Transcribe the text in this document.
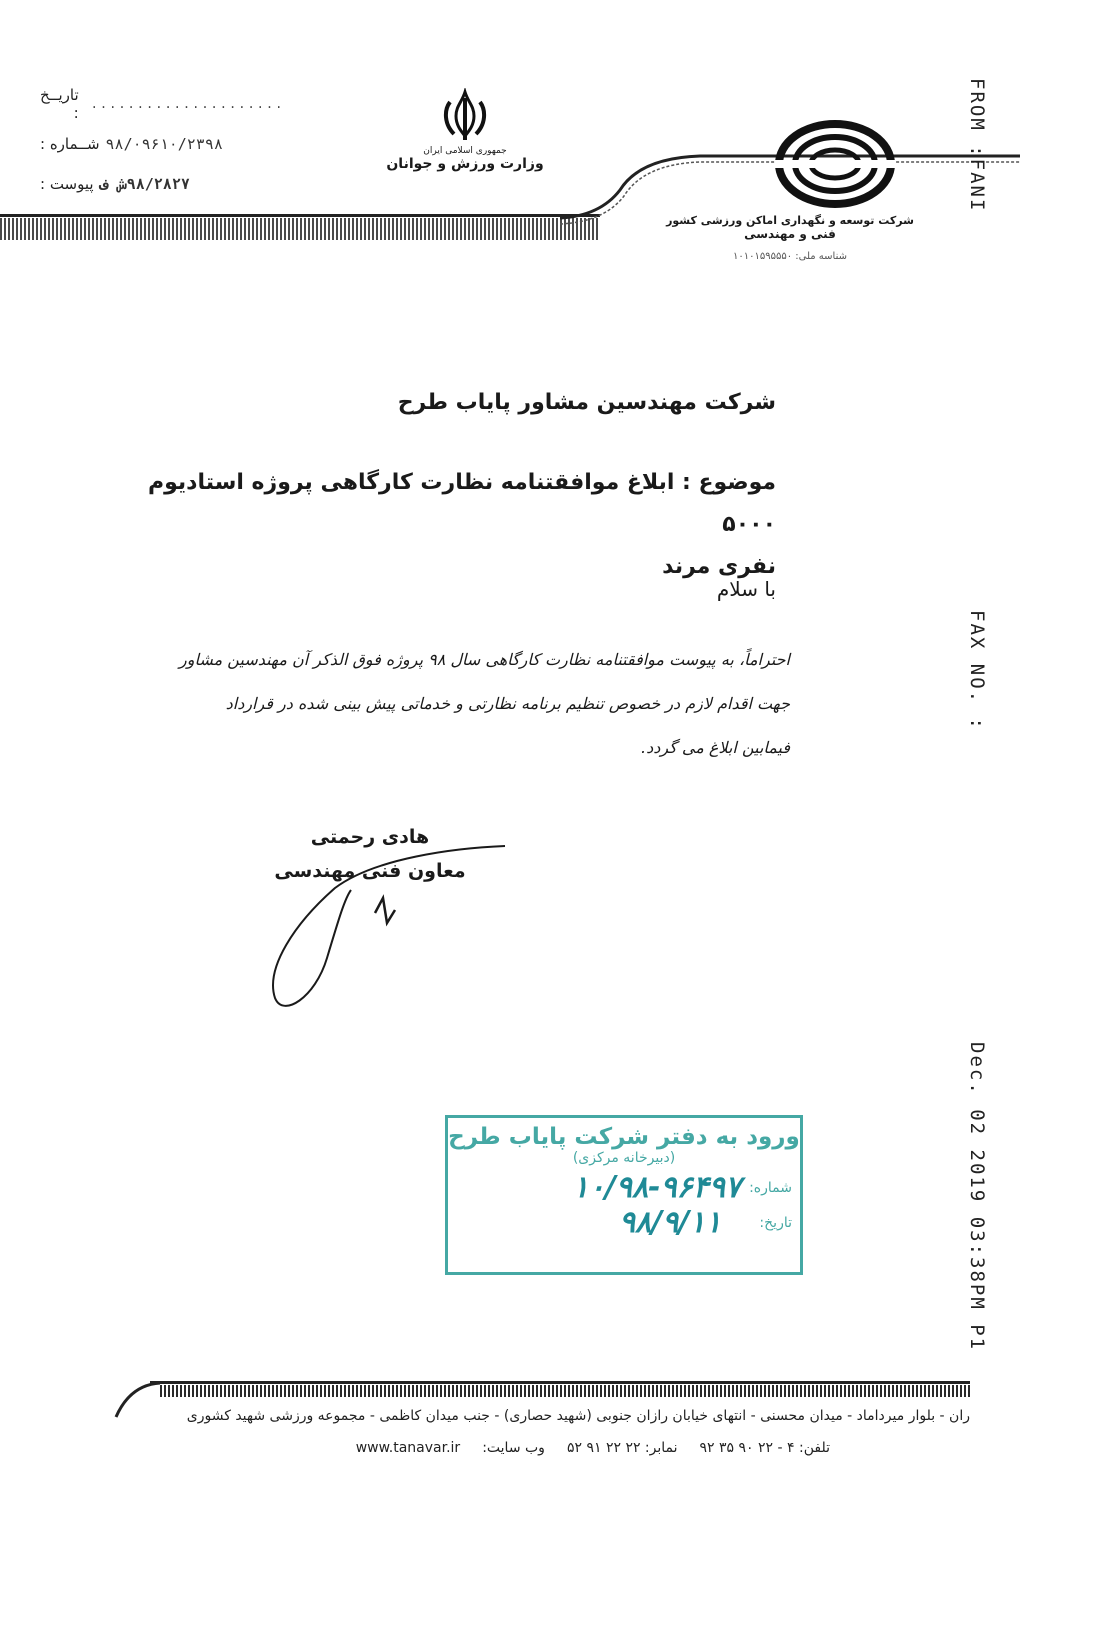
تاریــخ : .....................
شــماره : ۹۸/۰۹۶۱۰/۲۳۹۸
پیوست : ۹۸/۲۸۲۷ش ف
جمهوری اسلامی ایران
وزارت ورزش و جوانان
شرکت توسعه و نگهداری اماکن ورزشی کشور
فنی و مهندسی
شناسه ملی: ۱۰۱۰۱۵۹۵۵۵۰
FROM :FANI
FAX NO. :
Dec. 02 2019 03:38PM P1
شرکت مهندسین مشاور پایاب طرح
موضوع : ابلاغ موافقتنامه نظارت کارگاهی پروژه استادیوم ۵۰۰۰
نفری مرند
با سلام
احتراماً، به پیوست موافقتنامه نظارت کارگاهی سال ۹۸ پروژه فوق الذکر آن مهندسین مشاور
جهت اقدام لازم در خصوص تنظیم برنامه نظارتی و خدماتی پیش بینی شده در قرارداد
فیمابین ابلاغ می گردد.
هادی رحمتی
معاون فنی مهندسی
ورود به دفتر شرکت پایاب طرح
(دبیرخانه مرکزی)
شماره:
۱۰/۹۸-۹۶۴۹۷
تاریخ:
۹۸/۹/۱۱
ران - بلوار میرداماد - میدان محسنی - انتهای خیابان رازان جنوبی (شهید حصاری) - جنب میدان کاظمی - مجموعه ورزشی شهید کشوری
تلفن: ۴ - ۲۲ ۹۰ ۳۵ ۹۲
نمابر: ۲۲ ۲۲ ۹۱ ۵۲
وب سایت:
www.tanavar.ir
